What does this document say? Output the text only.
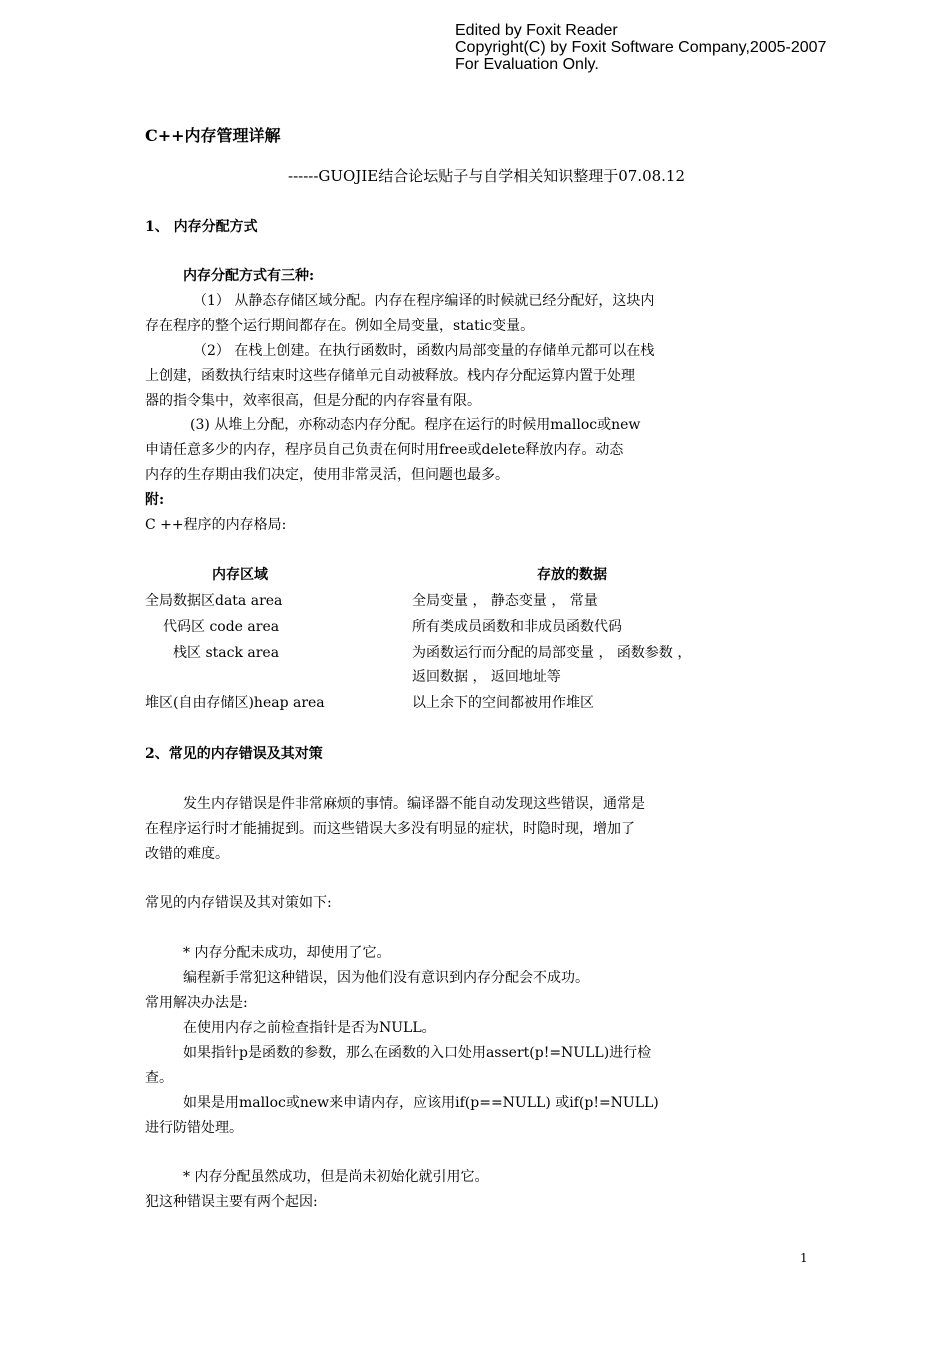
Edited by Foxit Reader
Copyright(C) by Foxit Software Company,2005-2007
For Evaluation Only.
C++内存管理详解
------GUOJIE结合论坛贴子与自学相关知识整理于07.08.12
1、 内存分配方式
内存分配方式有三种:
（1） 从静态存储区域分配。内存在程序编译的时候就已经分配好，这块内
存在程序的整个运行期间都存在。例如全局变量，static变量。
（2） 在栈上创建。在执行函数时，函数内局部变量的存储单元都可以在栈
上创建，函数执行结束时这些存储单元自动被释放。栈内存分配运算内置于处理
器的指令集中，效率很高，但是分配的内存容量有限。
(3) 从堆上分配，亦称动态内存分配。程序在运行的时候用malloc或new
申请任意多少的内存，程序员自己负责在何时用free或delete释放内存。动态
内存的生存期由我们决定，使用非常灵活，但问题也最多。
附:
C ++程序的内存格局:
内存区域	存放的数据
全局数据区data area	全局变量 ， 静态变量 ， 常量
代码区 code area	所有类成员函数和非成员函数代码
栈区 stack area	为函数运行而分配的局部变量 ， 函数参数 ，
返回数据 ， 返回地址等
堆区(自由存储区)heap area	以上余下的空间都被用作堆区
2、常见的内存错误及其对策
发生内存错误是件非常麻烦的事情。编译器不能自动发现这些错误，通常是
在程序运行时才能捕捉到。而这些错误大多没有明显的症状，时隐时现，增加了
改错的难度。
常见的内存错误及其对策如下:
* 内存分配未成功，却使用了它。
编程新手常犯这种错误，因为他们没有意识到内存分配会不成功。
常用解决办法是:
在使用内存之前检查指针是否为NULL。
如果指针p是函数的参数，那么在函数的入口处用assert(p!=NULL)进行检
查。
如果是用malloc或new来申请内存，应该用if(p==NULL) 或if(p!=NULL)
进行防错处理。
* 内存分配虽然成功，但是尚未初始化就引用它。
犯这种错误主要有两个起因:
1
